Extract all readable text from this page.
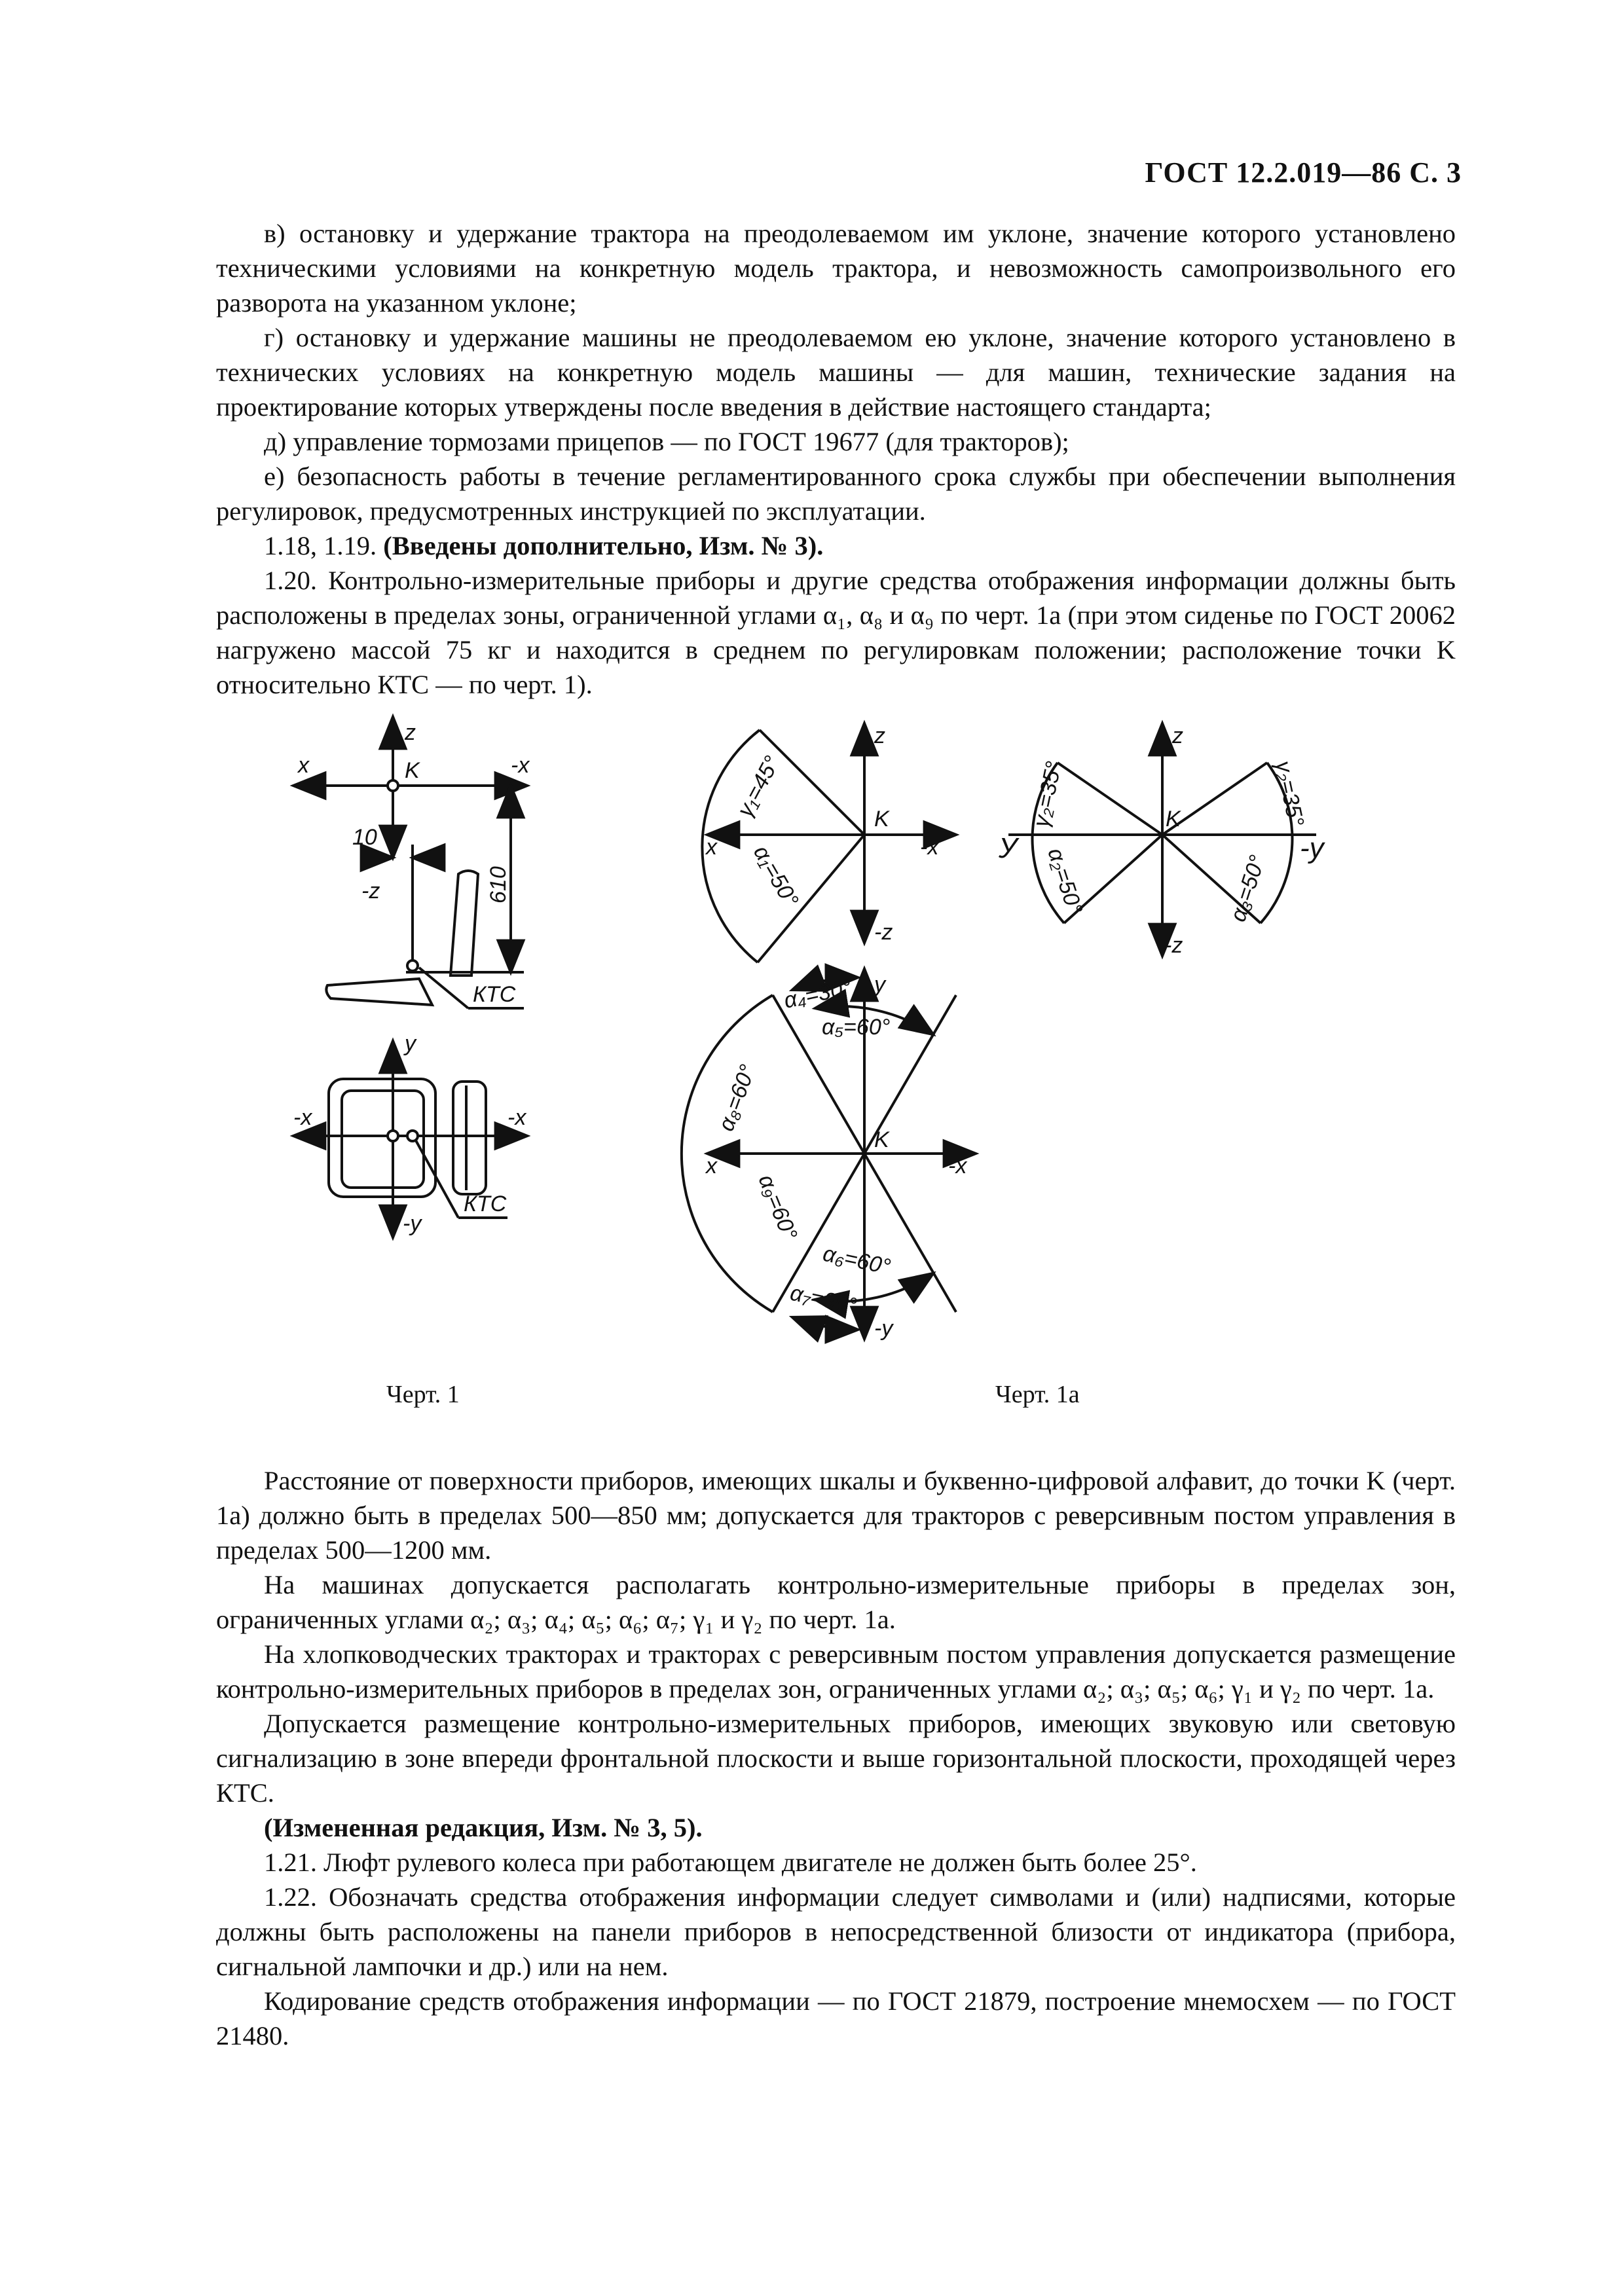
ГОСТ 12.2.019—86 С. 3

в) остановку и удержание трактора на преодолеваемом им уклоне, значение которого установлено техническими условиями на конкретную модель трактора, и невозможность самопроизвольного его разворота на указанном уклоне;

г) остановку и удержание машины не преодолеваемом ею уклоне, значение которого установлено в технических условиях на конкретную модель машины — для машин, технические задания на проектирование которых утверждены после введения в действие настоящего стандарта;

д) управление тормозами прицепов — по ГОСТ 19677 (для тракторов);

е) безопасность работы в течение регламентированного срока службы при обеспечении выполнения регулировок, предусмотренных инструкцией по эксплуатации.

1.18, 1.19. (Введены дополнительно, Изм. № 3).

1.20. Контрольно-измерительные приборы и другие средства отображения информации должны быть расположены в пределах зоны, ограниченной углами α₁, α₈ и α₉ по черт. 1а (при этом сиденье по ГОСТ 20062 нагружено массой 75 кг и находится в среднем по регулировкам положении; расположение точки K относительно КТС — по черт. 1).

z
x	-x
K
10
-z	610
КТС
y
-x	-x
-y
КТС
z
K
x	-x
-z
γ₁=45°
α₁=50°
z
K
У	-у
-z
γ₂=35°	γ₂=35°
α₂=50°	α₃=50°
y
K
x	-x
-y
α₄=30°
α₅=60°
α₈=60°
α₉=60°
α₆=60°
α₇=30°
Черт. 1	Черт. 1а

Расстояние от поверхности приборов, имеющих шкалы и буквенно-цифровой алфавит, до точки K (черт. 1а) должно быть в пределах 500—850 мм; допускается для тракторов с реверсивным постом управления в пределах 500—1200 мм.

На машинах допускается располагать контрольно-измерительные приборы в пределах зон, ограниченных углами α₂; α₃; α₄; α₅; α₆; α₇; γ₁ и γ₂ по черт. 1а.

На хлопководческих тракторах и тракторах с реверсивным постом управления допускается размещение контрольно-измерительных приборов в пределах зон, ограниченных углами α₂; α₃; α₅; α₆; γ₁ и γ₂ по черт. 1а.

Допускается размещение контрольно-измерительных приборов, имеющих звуковую или световую сигнализацию в зоне впереди фронтальной плоскости и выше горизонтальной плоскости, проходящей через КТС.

(Измененная редакция, Изм. № 3, 5).

1.21. Люфт рулевого колеса при работающем двигателе не должен быть более 25°.

1.22. Обозначать средства отображения информации следует символами и (или) надписями, которые должны быть расположены на панели приборов в непосредственной близости от индикатора (прибора, сигнальной лампочки и др.) или на нем.

Кодирование средств отображения информации — по ГОСТ 21879, построение мнемосхем — по ГОСТ 21480.
